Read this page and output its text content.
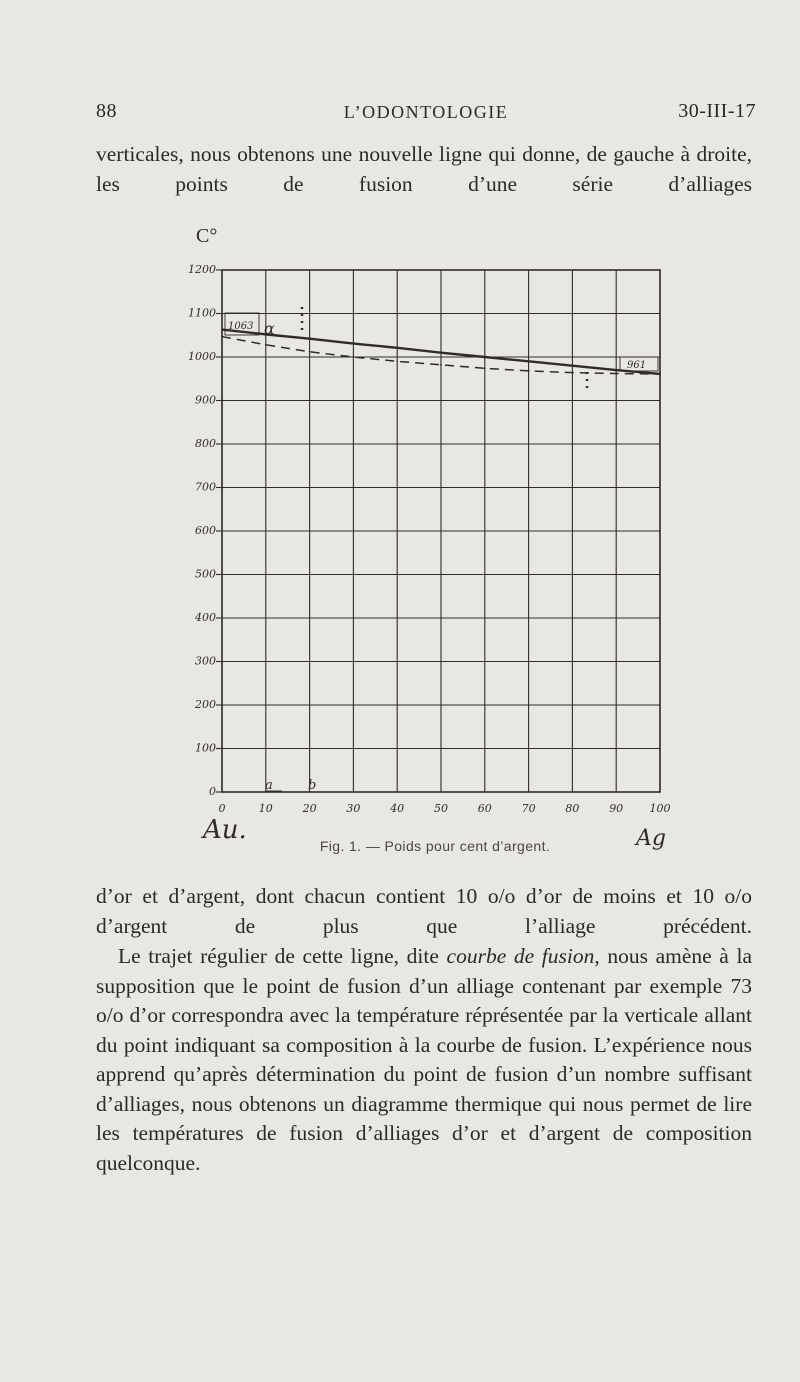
88	L’ODONTOLOGIE	30-III-17
verticales, nous obtenons une nouvelle ligne qui donne, de gauche à droite, les points de fusion d’une série d’alliages
0
100
200
300
400
500
600
700
800
900
1000
1100
1200
0	10	20	30	40	50	60	70	80	90 100
C°
1063
961
α
a	b
Au.	Ag
Fig. 1. — Poids pour cent d’argent.
d’or et d’argent, dont chacun contient 10 o/o d’or de moins et 10 o/o d’argent de plus que l’alliage précédent.
Le trajet régulier de cette ligne, dite courbe de fusion, nous amène à la supposition que le point de fusion d’un alliage contenant par exemple 73 o/o d’or correspondra avec la température réprésentée par la verticale allant du point indiquant sa composition à la courbe de fusion. L’expérience nous apprend qu’après détermination du point de fusion d’un nombre suffisant d’alliages, nous obtenons un diagramme thermique qui nous permet de lire les températures de fusion d’alliages d’or et d’argent de composition quelconque.
